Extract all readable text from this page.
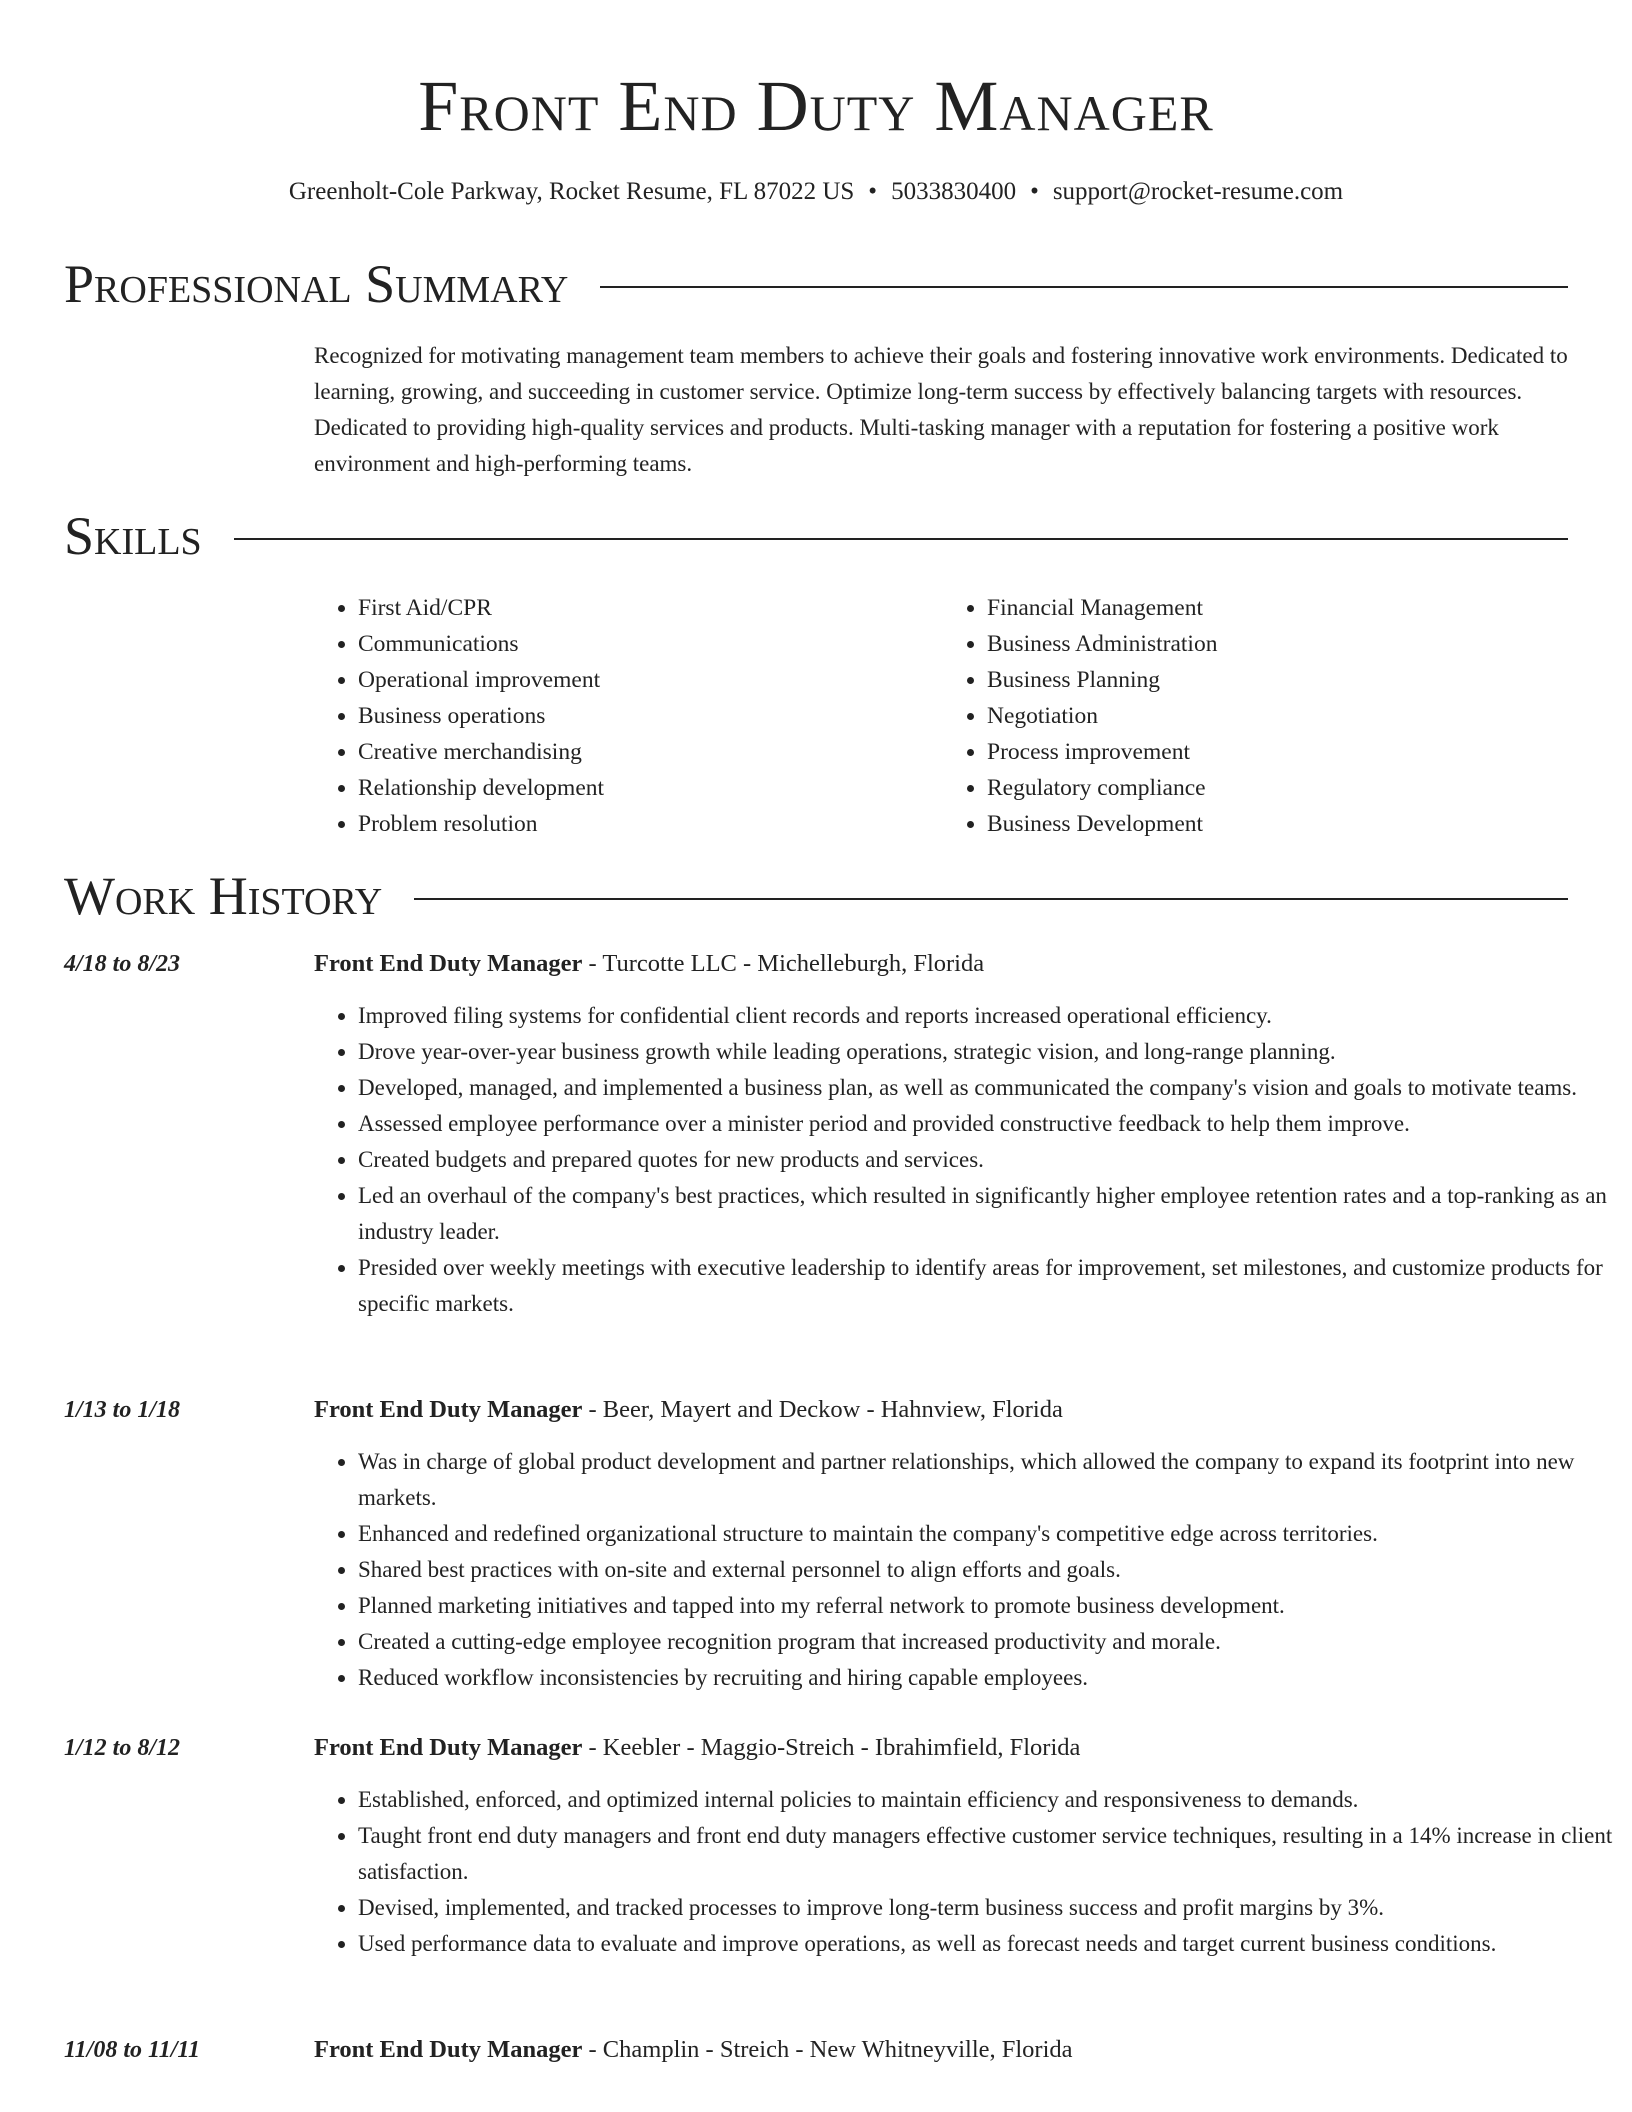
Front End Duty Manager
Greenholt-Cole Parkway, Rocket Resume, FL 87022 US • 5033830400 • support@rocket-resume.com
Professional Summary

Recognized for motivating management team members to achieve their goals and fostering innovative work environments. Dedicated to learning, growing, and succeeding in customer service. Optimize long-term success by effectively balancing targets with resources. Dedicated to providing high-quality services and products. Multi-tasking manager with a reputation for fostering a positive work environment and high-performing teams.

Skills
• First Aid/CPR
• Communications
• Operational improvement
• Business operations
• Creative merchandising
• Relationship development
• Problem resolution
• Financial Management
• Business Administration
• Business Planning
• Negotiation
• Process improvement
• Regulatory compliance
• Business Development
Work History
4/18 to 8/23	Front End Duty Manager - Turcotte LLC - Michelleburgh, Florida
• Improved filing systems for confidential client records and reports increased operational efficiency.
• Drove year-over-year business growth while leading operations, strategic vision, and long-range planning.
• Developed, managed, and implemented a business plan, as well as communicated the company's vision and goals to motivate teams.
• Assessed employee performance over a minister period and provided constructive feedback to help them improve.
• Created budgets and prepared quotes for new products and services.
• Led an overhaul of the company's best practices, which resulted in significantly higher employee retention rates and a top-ranking as an industry leader.
• Presided over weekly meetings with executive leadership to identify areas for improvement, set milestones, and customize products for specific markets.
1/13 to 1/18	Front End Duty Manager - Beer, Mayert and Deckow - Hahnview, Florida
• Was in charge of global product development and partner relationships, which allowed the company to expand its footprint into new markets.
• Enhanced and redefined organizational structure to maintain the company's competitive edge across territories.
• Shared best practices with on-site and external personnel to align efforts and goals.
• Planned marketing initiatives and tapped into my referral network to promote business development.
• Created a cutting-edge employee recognition program that increased productivity and morale.
• Reduced workflow inconsistencies by recruiting and hiring capable employees.
1/12 to 8/12	Front End Duty Manager - Keebler - Maggio-Streich - Ibrahimfield, Florida
• Established, enforced, and optimized internal policies to maintain efficiency and responsiveness to demands.
• Taught front end duty managers and front end duty managers effective customer service techniques, resulting in a 14% increase in client satisfaction.
• Devised, implemented, and tracked processes to improve long-term business success and profit margins by 3%.
• Used performance data to evaluate and improve operations, as well as forecast needs and target current business conditions.
11/08 to 11/11	Front End Duty Manager - Champlin - Streich - New Whitneyville, Florida
